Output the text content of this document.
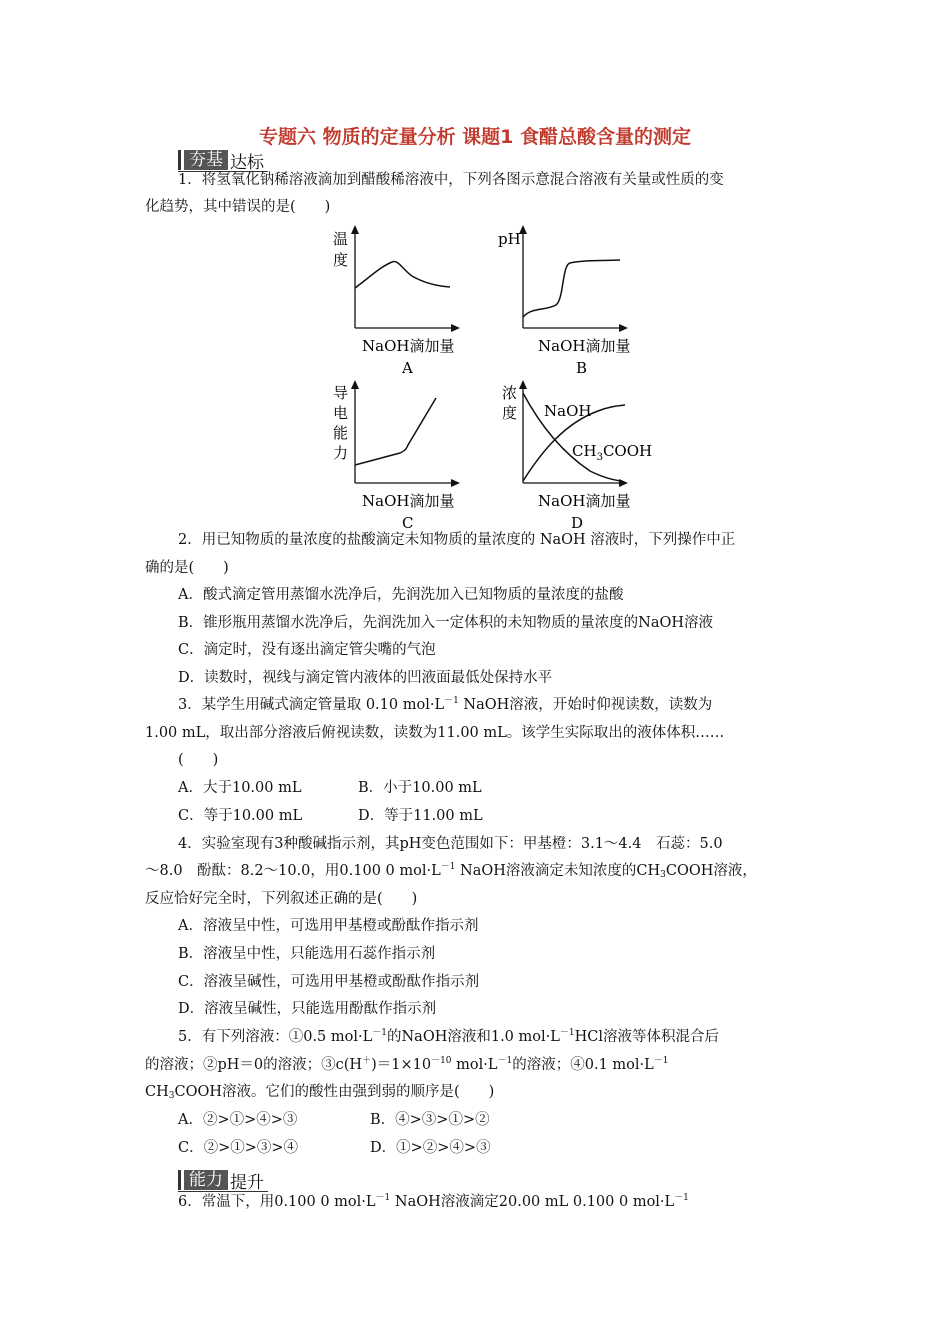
专题六 物质的定量分析 课题1 食醋总酸含量的测定
夯基 达标
1．将氢氧化钠稀溶液滴加到醋酸稀溶液中，下列各图示意混合溶液有关量或性质的变
化趋势，其中错误的是(　　)
温
度
NaOH滴加量
A
pH
NaOH滴加量
B
导
电
能
力
NaOH滴加量
C
浓
度 NaOH
$CH_3COOH$
NaOH滴加量
D
2．用已知物质的量浓度的盐酸滴定未知物质的量浓度的 NaOH 溶液时，下列操作中正
确的是(　　)
A．酸式滴定管用蒸馏水洗净后，先润洗加入已知物质的量浓度的盐酸
B．锥形瓶用蒸馏水洗净后，先润洗加入一定体积的未知物质的量浓度的NaOH溶液
C．滴定时，没有逐出滴定管尖嘴的气泡
D．读数时，视线与滴定管内液体的凹液面最低处保持水平
3．某学生用碱式滴定管量取 0.10 $mol\cdot L^{-1}$ NaOH溶液，开始时仰视读数，读数为
1.00 mL，取出部分溶液后俯视读数，读数为11.00 mL。该学生实际取出的液体体积……
(　　)
A．大于10.00 mL	B．小于10.00 mL
C．等于10.00 mL	D．等于11.00 mL
4．实验室现有3种酸碱指示剂，其pH变色范围如下：甲基橙：3.1～4.4　石蕊：5.0
～8.0　酚酞：8.2～10.0，用0.100 0 $mol\cdot L^{-1}$ NaOH溶液滴定未知浓度的$CH_3COOH$溶液，
反应恰好完全时，下列叙述正确的是(　　)
A．溶液呈中性，可选用甲基橙或酚酞作指示剂
B．溶液呈中性，只能选用石蕊作指示剂
C．溶液呈碱性，可选用甲基橙或酚酞作指示剂
D．溶液呈碱性，只能选用酚酞作指示剂
5．有下列溶液：①0.5 $mol\cdot L^{-1}$的NaOH溶液和1.0 $mol\cdot L^{-1}HCl$溶液等体积混合后
的溶液；②pH＝0的溶液；$③c(H^+)=1\times 10^{-10}$ $mol\cdot L^{-1}$的溶液；④0.1 $mol\cdot L^{-1}$
$CH_3COOH$溶液。它们的酸性由强到弱的顺序是(　　)
A．②>①>④>③	B．④>③>①>②
C．②>①>③>④	D．①>②>④>③
能力 提升
6．常温下，用0.100 0 $mol\cdot L^{-1}$ NaOH溶液滴定20.00 mL 0.100 0 $mol\cdot L^{-1}$
